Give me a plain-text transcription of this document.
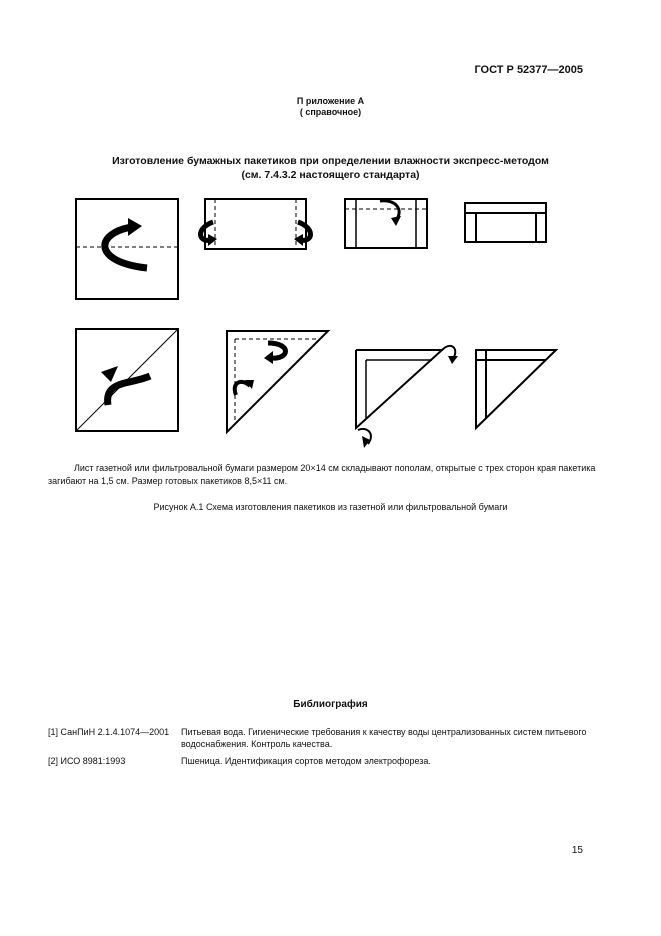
ГОСТ Р 52377—2005
П риложение А
( справочное)
Изготовление бумажных пакетиков при определении влажности экспресс-методом
(см. 7.4.3.2 настоящего стандарта)
Лист газетной или фильтровальной бумаги размером 20×14 см складывают пополам, открытые с трех сторон края пакетика загибают на 1,5 см. Размер готовых пакетиков 8,5×11 см.
Рисунок А.1 Схема изготовления пакетиков из газетной или фильтровальной бумаги
Библиография
[1] СанПиН 2.1.4.1074—2001	Питьевая вода. Гигиенические требования к качеству воды централизованных систем питьевого водоснабжения. Контроль качества.
[2] ИСО 8981:1993	Пшеница. Идентификация сортов методом электрофореза.
15
